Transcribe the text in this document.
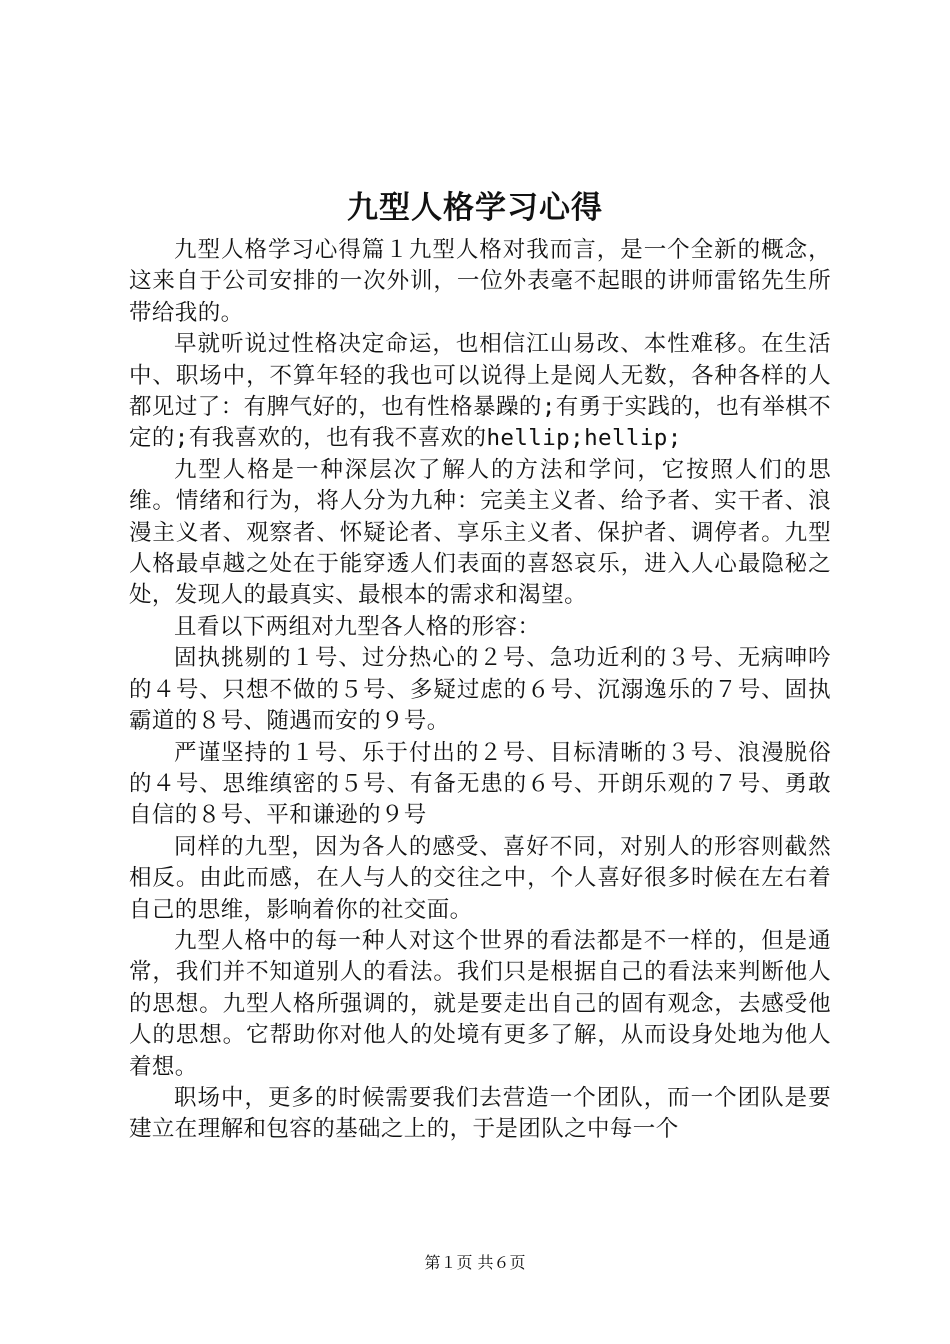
九型人格学习心得

九型人格学习心得篇１九型人格对我而言，是一个全新的概念，这来自于公司安排的一次外训，一位外表毫不起眼的讲师雷铭先生所带给我的。

早就听说过性格决定命运，也相信江山易改、本性难移。在生活中、职场中，不算年轻的我也可以说得上是阅人无数，各种各样的人都见过了：有脾气好的，也有性格暴躁的;有勇于实践的，也有举棋不定的;有我喜欢的，也有我不喜欢的hellip;hellip;

九型人格是一种深层次了解人的方法和学问，它按照人们的思维。情绪和行为，将人分为九种：完美主义者、给予者、实干者、浪漫主义者、观察者、怀疑论者、享乐主义者、保护者、调停者。九型人格最卓越之处在于能穿透人们表面的喜怒哀乐，进入人心最隐秘之处，发现人的最真实、最根本的需求和渴望。

且看以下两组对九型各人格的形容：

固执挑剔的１号、过分热心的２号、急功近利的３号、无病呻吟的４号、只想不做的５号、多疑过虑的６号、沉溺逸乐的７号、固执霸道的８号、随遇而安的９号。

严谨坚持的１号、乐于付出的２号、目标清晰的３号、浪漫脱俗的４号、思维缜密的５号、有备无患的６号、开朗乐观的７号、勇敢自信的８号、平和谦逊的９号

同样的九型，因为各人的感受、喜好不同，对别人的形容则截然相反。由此而感，在人与人的交往之中，个人喜好很多时候在左右着自己的思维，影响着你的社交面。

九型人格中的每一种人对这个世界的看法都是不一样的，但是通常，我们并不知道别人的看法。我们只是根据自己的看法来判断他人的思想。九型人格所强调的，就是要走出自己的固有观念，去感受他人的思想。它帮助你对他人的处境有更多了解，从而设身处地为他人着想。

职场中，更多的时候需要我们去营造一个团队，而一个团队是要建立在理解和包容的基础之上的，于是团队之中每一个

第１页 共６页
